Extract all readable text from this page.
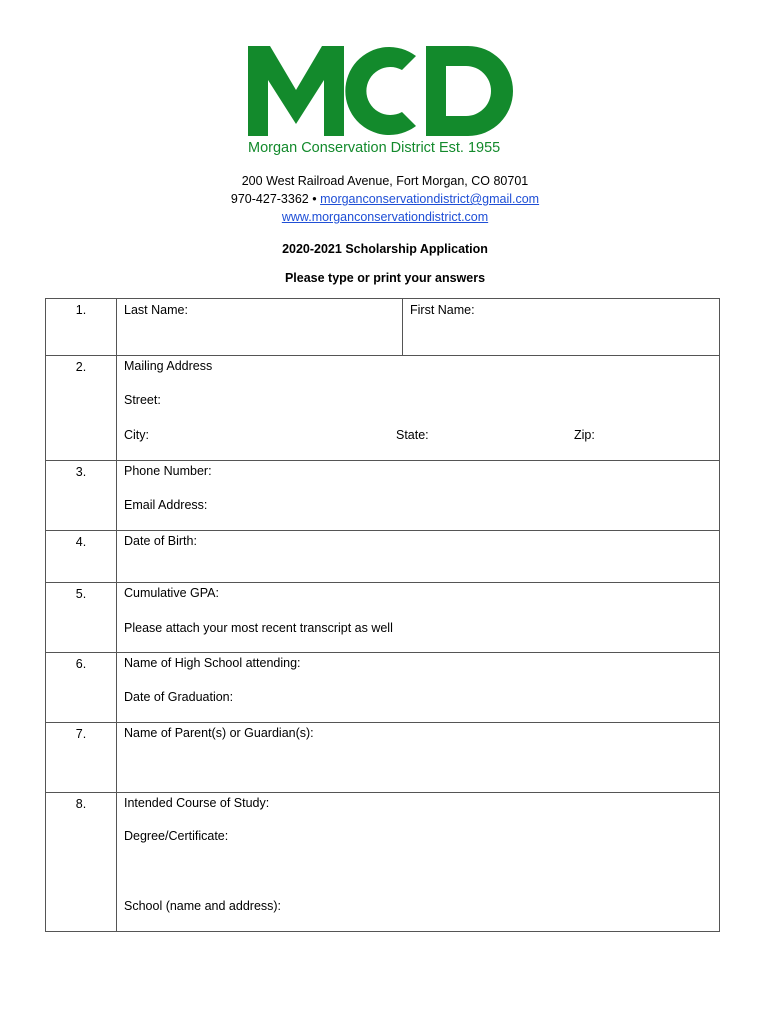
Morgan Conservation District Est. 1955
200 West Railroad Avenue, Fort Morgan, CO 80701
970-427-3362 • morganconservationdistrict@gmail.com
www.morganconservationdistrict.com
2020-2021 Scholarship Application
Please type or print your answers
1.	Last Name:	First Name:

2.	Mailing Address
Street:
City: State: Zip:	

3.	Phone Number:
Email Address:	

4.	Date of Birth:	

5.	Cumulative GPA:
Please attach your most recent transcript as well	

6.	Name of High School attending:
Date of Graduation:	

7.	Name of Parent(s) or Guardian(s):	

8.	Intended Course of Study:
Degree/Certificate:
School (name and address):	
